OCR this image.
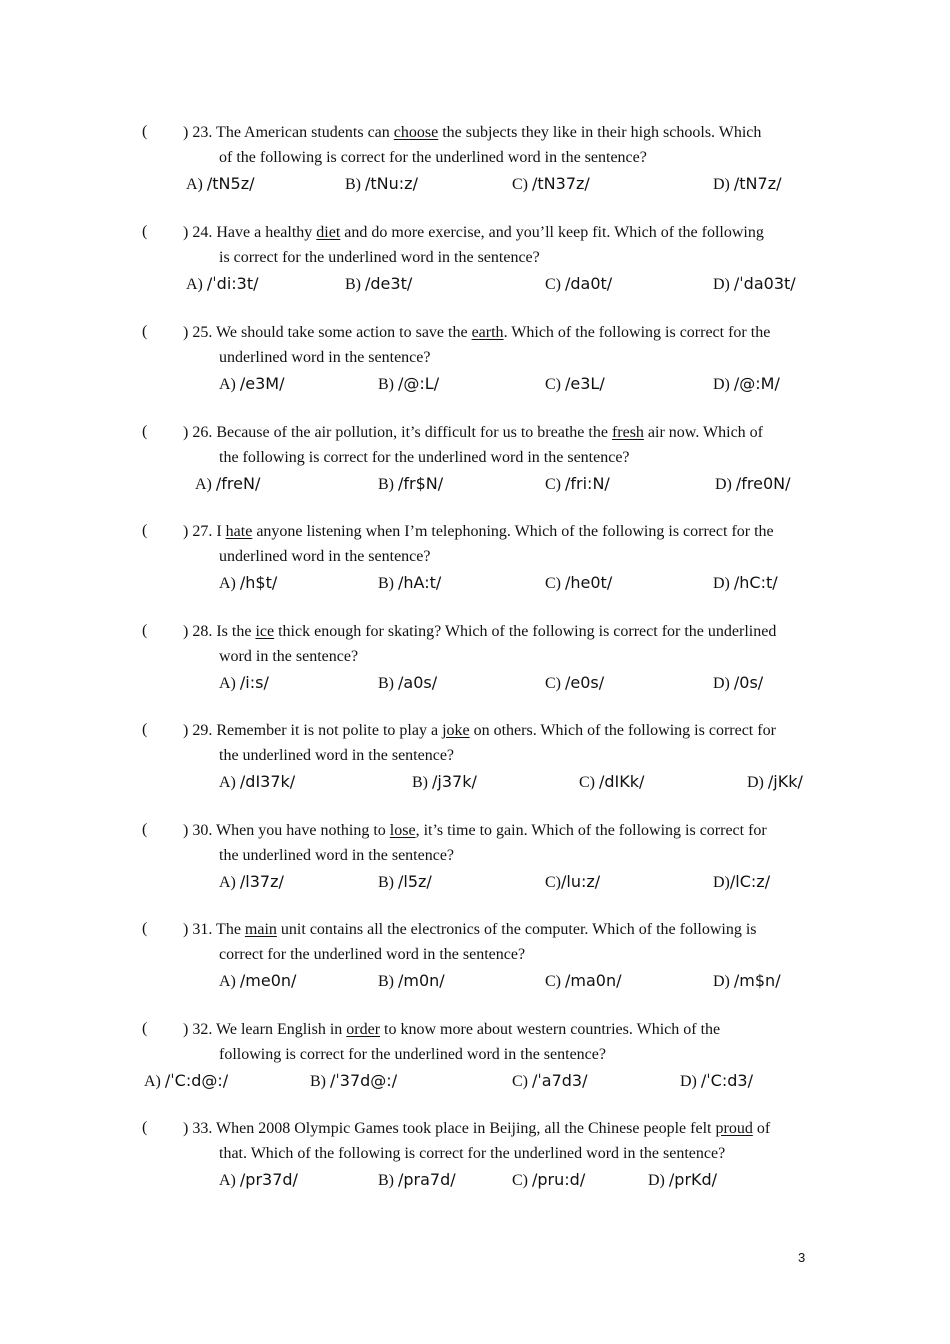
(	) 23. The American students can choose the subjects they like in their high schools. Which
of the following is correct for the underlined word in the sentence?
A) /tN5z/	B) /tNu:z/	C) /tN37z/	D) /tN7z/
(	) 24. Have a healthy diet and do more exercise, and you’ll keep fit. Which of the following
is correct for the underlined word in the sentence?
A) /ˈdi:3t/	B) /de3t/	C) /da0t/	D) /ˈda03t/
(	) 25. We should take some action to save the earth. Which of the following is correct for the
underlined word in the sentence?
A) /e3M/	B) /@:L/	C) /e3L/	D) /@:M/
(	) 26. Because of the air pollution, it’s difficult for us to breathe the fresh air now. Which of
the following is correct for the underlined word in the sentence?
A) /freN/	B) /fr$N/	C) /fri:N/	D) /fre0N/
(	) 27. I hate anyone listening when I’m telephoning. Which of the following is correct for the
underlined word in the sentence?
A) /h$t/	B) /hA:t/	C) /he0t/	D) /hC:t/
(	) 28. Is the ice thick enough for skating? Which of the following is correct for the underlined
word in the sentence?
A) /i:s/	B) /a0s/	C) /e0s/	D) /0s/
(	) 29. Remember it is not polite to play a joke on others. Which of the following is correct for
the underlined word in the sentence?
A) /dI37k/	B) /j37k/	C) /dIKk/	D) /jKk/
(	) 30. When you have nothing to lose, it’s time to gain. Which of the following is correct for
the underlined word in the sentence?
A) /l37z/	B) /l5z/	C)/lu:z/	D)/lC:z/
(	) 31. The main unit contains all the electronics of the computer. Which of the following is
correct for the underlined word in the sentence?
A) /me0n/	B) /m0n/	C) /ma0n/	D) /m$n/
(	) 32. We learn English in order to know more about western countries. Which of the
following is correct for the underlined word in the sentence?
A) /ˈC:d@:/	B) /ˈ37d@:/	C) /ˈa7d3/	D) /ˈC:d3/
(	) 33. When 2008 Olympic Games took place in Beijing, all the Chinese people felt proud of
that. Which of the following is correct for the underlined word in the sentence?
A) /pr37d/	B) /pra7d/	C) /pru:d/	D) /prKd/
3
